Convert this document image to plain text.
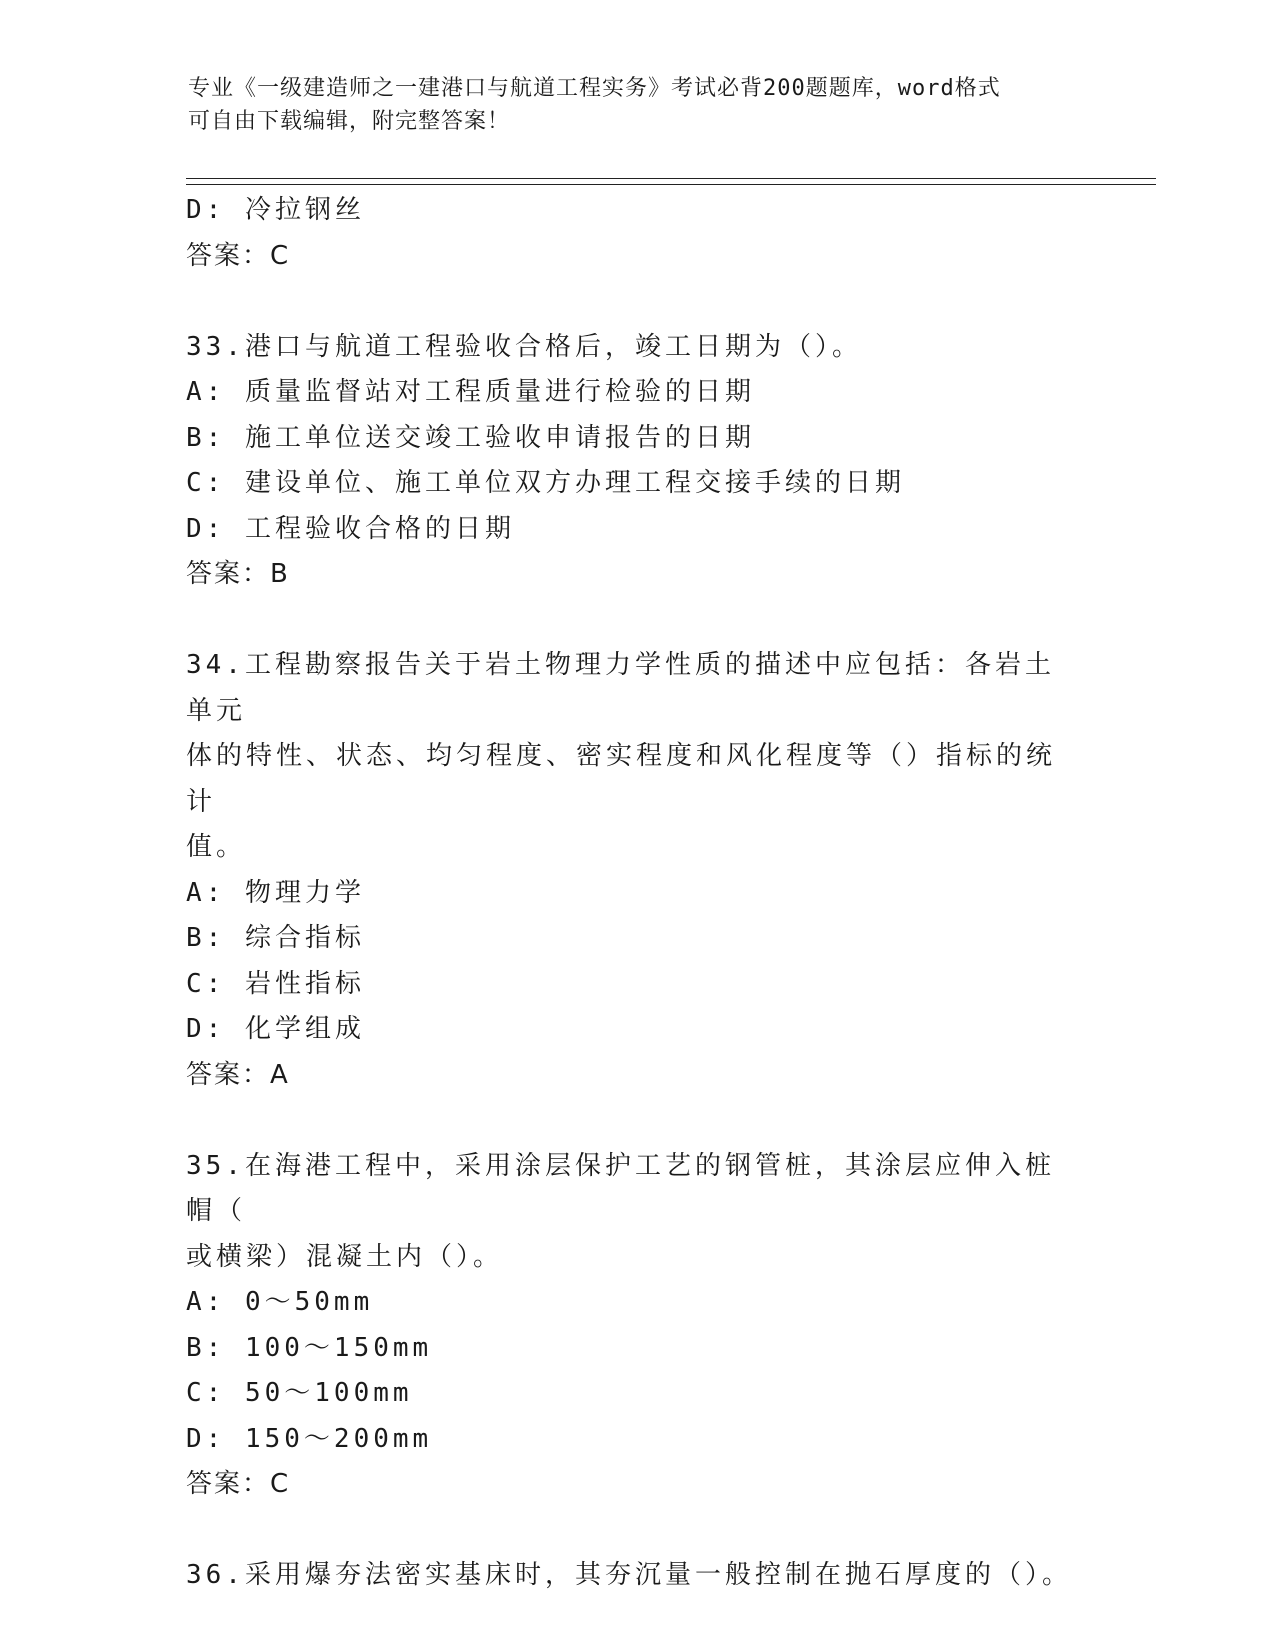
专业《一级建造师之一建港口与航道工程实务》考试必背200题题库，word格式
可自由下载编辑，附完整答案！
D: 冷拉钢丝
答案：C
33.港口与航道工程验收合格后，竣工日期为（）。
A: 质量监督站对工程质量进行检验的日期
B: 施工单位送交竣工验收申请报告的日期
C: 建设单位、施工单位双方办理工程交接手续的日期
D: 工程验收合格的日期
答案：B
34.工程勘察报告关于岩土物理力学性质的描述中应包括：各岩土单元
体的特性、状态、均匀程度、密实程度和风化程度等（）指标的统计
值。
A: 物理力学
B: 综合指标
C: 岩性指标
D: 化学组成
答案：A
35.在海港工程中，采用涂层保护工艺的钢管桩，其涂层应伸入桩帽（
或横梁）混凝土内（）。
A: 0～50mm
B: 100～150mm
C: 50～100mm
D: 150～200mm
答案：C
36.采用爆夯法密实基床时，其夯沉量一般控制在抛石厚度的（）。
